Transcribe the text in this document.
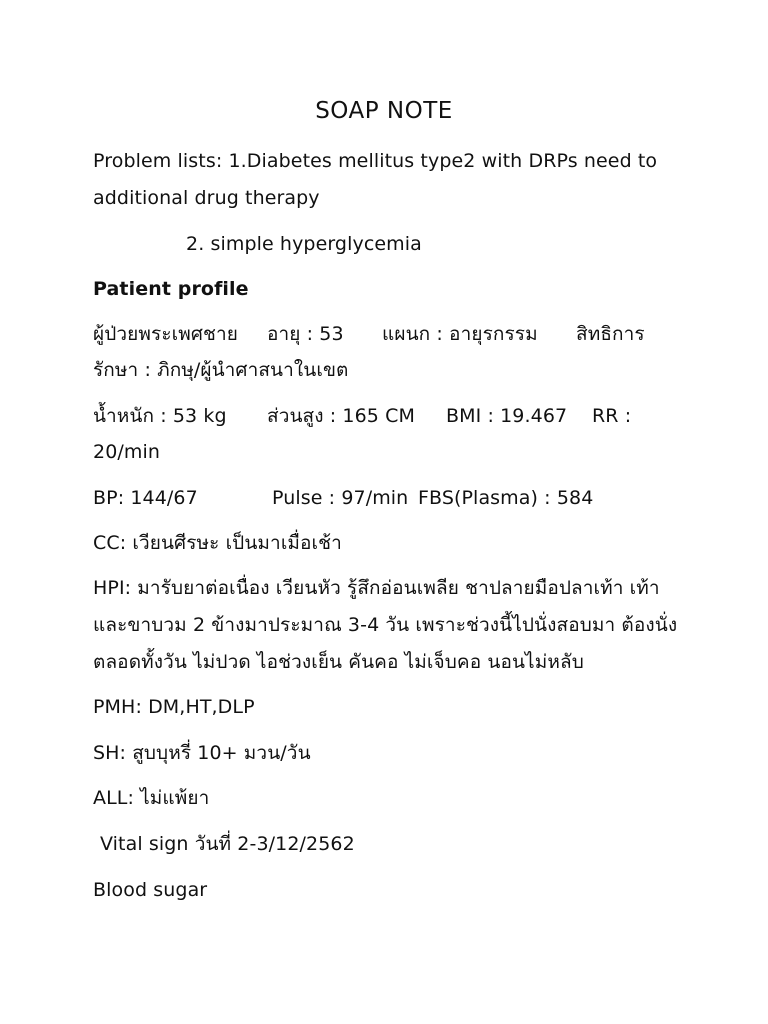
SOAP NOTE
Problem lists: 1.Diabetes mellitus type2 with DRPs need to
additional drug therapy
2. simple hyperglycemia
Patient profile
ผู้ป่วยพระเพศชาย อายุ : 53 แผนก : อายุรกรรม สิทธิการ
รักษา : ภิกษุ/ผู้นำศาสนาในเขต
น้ำหนัก : 53 kg ส่วนสูง : 165 CM BMI : 19.467 RR :
20/min
BP: 144/67	Pulse : 97/min FBS(Plasma) : 584
CC: เวียนศีรษะ เป็นมาเมื่อเช้า
HPI: มารับยาต่อเนื่อง เวียนหัว รู้สึกอ่อนเพลีย ชาปลายมือปลาเท้า เท้า
และขาบวม 2 ข้างมาประมาณ 3-4 วัน เพราะช่วงนี้ไปนั่งสอบมา ต้องนั่ง
ตลอดทั้งวัน ไม่ปวด ไอช่วงเย็น คันคอ ไม่เจ็บคอ นอนไม่หลับ
PMH: DM,HT,DLP
SH: สูบบุหรี่ 10+ มวน/วัน
ALL: ไม่แพ้ยา
Vital sign วันที่ 2-3/12/2562
Blood sugar
